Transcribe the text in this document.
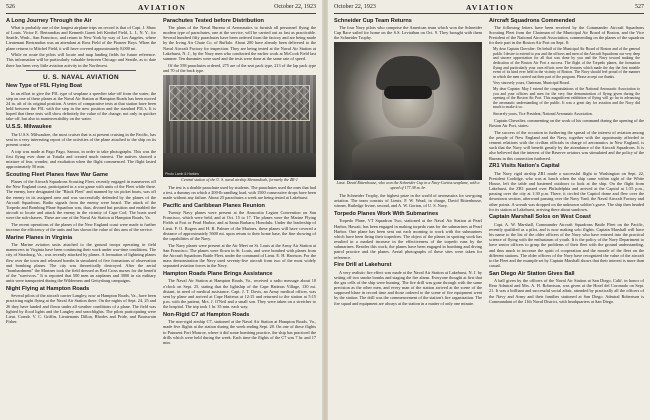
526	AVIATION	October 22, 1923
A Long Journey Through the Air

What is probably one of the longest airplane trips on record is that of Capt. J. Shaw of Louis. Victor E. Bertrandias and Kenneth Garett left Kimbel Field, L. I., N. Y., for Seattle, Wash., San Francisco, and return to New York by way of Los Angeles, where Lieutenant Bertrandias was an attendant at Ross Field of the Pioneer Boys. When the plane returns to Mitchel Field, it will have covered approximately 8,000 mi.

While en route the pilots will locate and map landing fields for future reference. This information will be particularly valuable between Chicago and Seattle, as to date there has been very little aviation activity in the Northwest.

U. S. NAVAL AVIATION
New Type of F5L Flying Boat

In an effort to give the F5L type of seaplane a speedier take-off from the water, the step on one of these planes at the Naval Air Station at Hampton Roads has been moved 24 in. aft of its original position. A series of comparative tests at that station have been held between the F5L with the step in the new position and the standard F5L's. It is hoped that these tests will show definitely the value of the change, not only in quicker take-off, but also in maneuverability on the water.

U.S.S. Milwaukee

The U.S.S. Milwaukee, the most cruiser that is at present cruising in the Pacific, has sent in a very interesting report of the activities of the plane attached to the ship on its present cruise.

A trip was made at Pago Pago, Samoa, in order to take photographs. This was the first flying ever done at Tutuila and created much interest. The natives showed a mixture of fear, wonder, and exultation when the flight commenced. The flight lasted approximately 50 min.

Scouting Fleet Planes Have War Game

Planes of the Aircraft Squadrons Scouting Fleet, recently engaged in maneuvers off the New England coast, participated in a war game with units of the Fleet while there. The enemy, here designated the "Black Fleet" and manned by six picket boats, was off the enemy in its assigned area and was successfully defended by the planes of the Aircraft Squadrons. Radio signals from the enemy were heard. The attack of the Torpedo and Bombing Plane Squadron was, thus, divined but position and enabled the aircraft to locate and attack the enemy in the vicinity of Cape Cod. The boats used were the sub-chasers. These are one of the Naval Air Station at Hampton Roads, Va.

The recent operations of the planes of the New England coast were made to further increase the efficiency of the units and has shown the value of this arm of the service.

Marine Planes in Virginia

The Marine aviation units attached to the ground troops operating in field maneuvers in Virginia have been continuing their work under war-time conditions. The city of Strasburg, Va., was recently attacked by planes. A formation of lightning planes flew over the town and released bombs in simulated of five formations of observation and bombing planes. The city was theoretically destroyed. After the aerial "bombardment" the Marines took the field dressed as Red Cross nurses for the benefit of the "survivors." It is reported that 500 men an airplanes and 3000 in six military units were transported during the Wilderness and Gettysburg campaigns.

Night Flying at Hampton Roads

Several pilots of the aircraft carrier Langley, now at Hampton Roads, Va., have been practicing night flying at the Naval Air Station there. On the nights of Sept. 24, 25 and 26 they have landed and flown under all weather conditions of a plane. The field was lighted by flood lights and the Langley and searchlights. The pilots participating were Lieut. Comdr. V. C. Griffin, Lieutenants Dillon, Rhodes and Pride, and Boatswain Fisher.

Parachutes Tested before Distribution

The plans of the Naval Bureau of Aeronautics to furnish all personnel flying the modern type of parachutes, one at the service, will be carried out as fast as practicable. Several hundred fifty parachutes have been ordered from the factory and are being made by the Irving Air Chute Co. of Buffalo. About 200 have already been delivered to the Naval Aircraft Factory for inspection. They are being tested at the Naval Air Station at Lakehurst, N. J., by the Navy men who conducted the earlier work at McCook Field last summer. Ten dummies were used and the tests were done at the same rate of speed.

Of the 558 parachutes ordered, 275 are of the seat pack type, 213 of the lap pack type and 70 of the back type.

Photo Lamb & Harkins

Central station of the U. S. naval airship Shenandoah, formerly the ZR-1

The test is a double parachute used by students. The parachutes used the ones that had a test, a dummy on which a 200-lb sandbag load, with 1500 consecutive drops have been made without any failure. About 25 parachutes a week are being tested at Lakehurst.

Pacific and Caribbean Planes Reunion

Twenty Navy planes were present at the Anacostia Legion Convention on San Francisco, which were held, and at Oct. 15 to 17. The planes were the Marine Flying Fields at Fort or Pearl Harbor, and at Santa Barbara; Honolulu. Under the leadership of Lieut. F. O. Rogers and H. R. Palmer of the Marines, these planes will have covered a distance of approximately 5600 mi. upon return to their home base, the fine showing of the capabilities of the Navy.

The Navy planes were present at the Air Meet on St. Louis at the Army Air Station at San Francisco. The planes were flown in St. Louis, and were bombed with planes from the Aircraft Squadrons Battle Fleet, under the command of Lieut. E. H. Harrison. For the mass demonstration the Navy used seventy-five aircraft from two of the most widely separated aviation forces in the Navy.

Hampton Roads Plane Brings Assistance

The Naval Air Station at Hampton Roads, Va., received a radio message about 10 o'clock on Sept. 25, stating that the lightship of the Cape Hatteras Village, 130 mi. distant, in need of medical assistance. Capt. J. T. Davis, an Army medical officer, was sent by plane and arrived at Cape Hatteras at 12:15 and returned to the station at 5:15 p.m. with the patient, Mrs. J. O'Neil and a small son. They were taken on a stretcher to the hospital. The trip took 1 hr. 35 min. each way.

Non-Rigid C7 at Hampton Roads

The non-rigid airship C7, stationed at the Naval Air Station at Hampton Roads, Va., made five flights at the station during the week ending Sept. 28. On one of these flights to Patuxent Fort Monroe, where it did some bombing practice, the ship has practiced the drills which were held during the week. Each time the flights of the C7 was 7 hr. and 17 min.

October 22, 1923	AVIATION	527
Schneider Cup Team Returns

The four Navy pilots who comprise the American team which won the Schneider Cup Race sailed for home on the S.S. Leviathan on Oct. 9. They brought with them the Schneider Trophy.

Lieut. David Rittenhouse, who won the Schneider Cup in a Navy-Curtiss seaplane, with a speed of 177.38 m. hr.

The Schneider Trophy, the highest prize in the world of aeronautics for sea-going aviation. The team consists of Lieuts. F. W. Wead, in charge, David Rittenhouse, winner, Rutledge Irvine, second, and A. W. Gorton, of U. S. Navy.

Torpedo Planes Work With Submarines

Torpedo Plane, VT Squadron Two, stationed at the Naval Air Station at Pearl Harbor, Hawaii, has been engaged in making torpedo runs for the submarines at Pearl Harbor. One plane has been sent out each morning to work with the submarines which have been firing their torpedoes. The object of the planes in spotting work has resulted in a marked increase in the effectiveness of the torpedo runs by the submarines. Besides this work, the planes have been engaged in bombing and diving patrol practice and the planes. Aerial photographs of these sites were taken for reference.

Fire Drill at Lakehurst

A very realistic fire effect was made at the Naval Air Station at Lakehurst, N. J. by setting off two smoke bombs and staging the fire alarm. Everyone thought at first that the gas cells of the ship were burning. The fire drill was gone through with the same precision as the other men, and every man of the station arrived at the scene of the supposed blaze in record time and those ordered to the scene of fire equipment went by the station. The drill was the commencement of the station's fire organization. The fire squad and equipment are always at the station in a matter of only one minute.

Aircraft Squadrons Commended

The following letters have been received by the Commander Aircraft Squadrons Scouting Fleet from the Chairman of the Municipal Air Board of Boston, and the Vice President of the National Aircraft Association, commending on the planes of the squadron for their part in the Boston Air Port on Sept. 8:

My dear Captain Chevalier: On behalf of the Municipal Air Board of Boston and of the general public I desire to extend to you and the officers and men of the Aircraft Squadrons our very deep and sincere appreciation for all that was done by you and the Navy toward making the dedication of the Boston Air Port a success. The flight of the Torpedo planes, the formation flying and particularly your own efforts were the features which made the day the first notable event of its kind ever held in the vicinity of Boston. The Navy should feel proud of the manner in which the men carried out their part of the program. Please accept our thanks.

Very sincerely yours, Chairman, Municipal Board.

My dear Captain: May I extend the congratulations of the National Aeronautic Association to you and your officers and men for the very fine demonstration of flying given during the opening of the Boston Air Port. This magnificent exhibition of flying will go far in advancing the aeronautic understanding of the public. It was a great day for aviation and the Navy did much to make it so.

Sincerely yours, Vice President, National Aeronautic Association.

Captain Chevalier, commenting on the work of his command during the opening of the Boston Air Port, states:

The success of the occasion in furthering the spread of the interest of aviation among the people of New England and the Navy, together with the opportunity afforded to cement relations with the civilian officials in charge of aeronautics in New England, is such that the Navy will benefit greatly by the attendance of the Aircraft Squadrons. It is also believed that the interest of the Reserve aviators was stimulated and the policy of the Bureau in this connection furthered.

ZR1 Visits Nation's Capital

The Navy rigid airship ZR1 made a successful flight to Washington on Sept. 22, President Coolidge, who was at lunch when the ship came within sight of the White House, left the table and hastened outdoors to look at the ship. On the flight from Lakehurst, the ZR1 passed over Philadelphia and arrived at the Capital at 1:55 p.m., passing over the city at 1:30 p.m. There, it circled the Capitol dome and flew over the downtown section, afterward passing over the Navy Yard, the Naval Aircraft Factory and other points. A wreath was dropped on the unknown soldier's grave. The ship then headed for its station at Lakehurst, arriving there about sundown.

Captain Marshall Solos on West Coast

Capt. A. W. Marshall, Commander Aircraft Squadrons Battle Fleet on the Pacific, recently qualified as a pilot, and is now making solo flights. Captain Marshall will have his name to the list of the older officers of the Navy who have entered into the practical science of flying with the enthusiasm of youth. It is the policy of the Navy Department to have senior officers to grasp the problems of their fleet with the ground understanding, and thus much to increase the spirit of cooperation and the morale of the fleet on the different stations. The older officers of the Navy have recognized the value of the aircraft to the Fleet and the example set by Captain Marshall shows that their interest is more than casual.

San Diego Air Station Gives Ball

A ball given by the officers of the Naval Air Station at San Diego, Calif. in honor of Rear Admiral and Mrs. A. H. Robertson, was given at the Hotel del Coronado on Sept. 21. It was a brilliant and successful social affair, attended by practically all the officers of the Navy and Army and their families stationed at San Diego. Admiral Robertson is Commandant of the 11th Naval District, with headquarters at San Diego.
